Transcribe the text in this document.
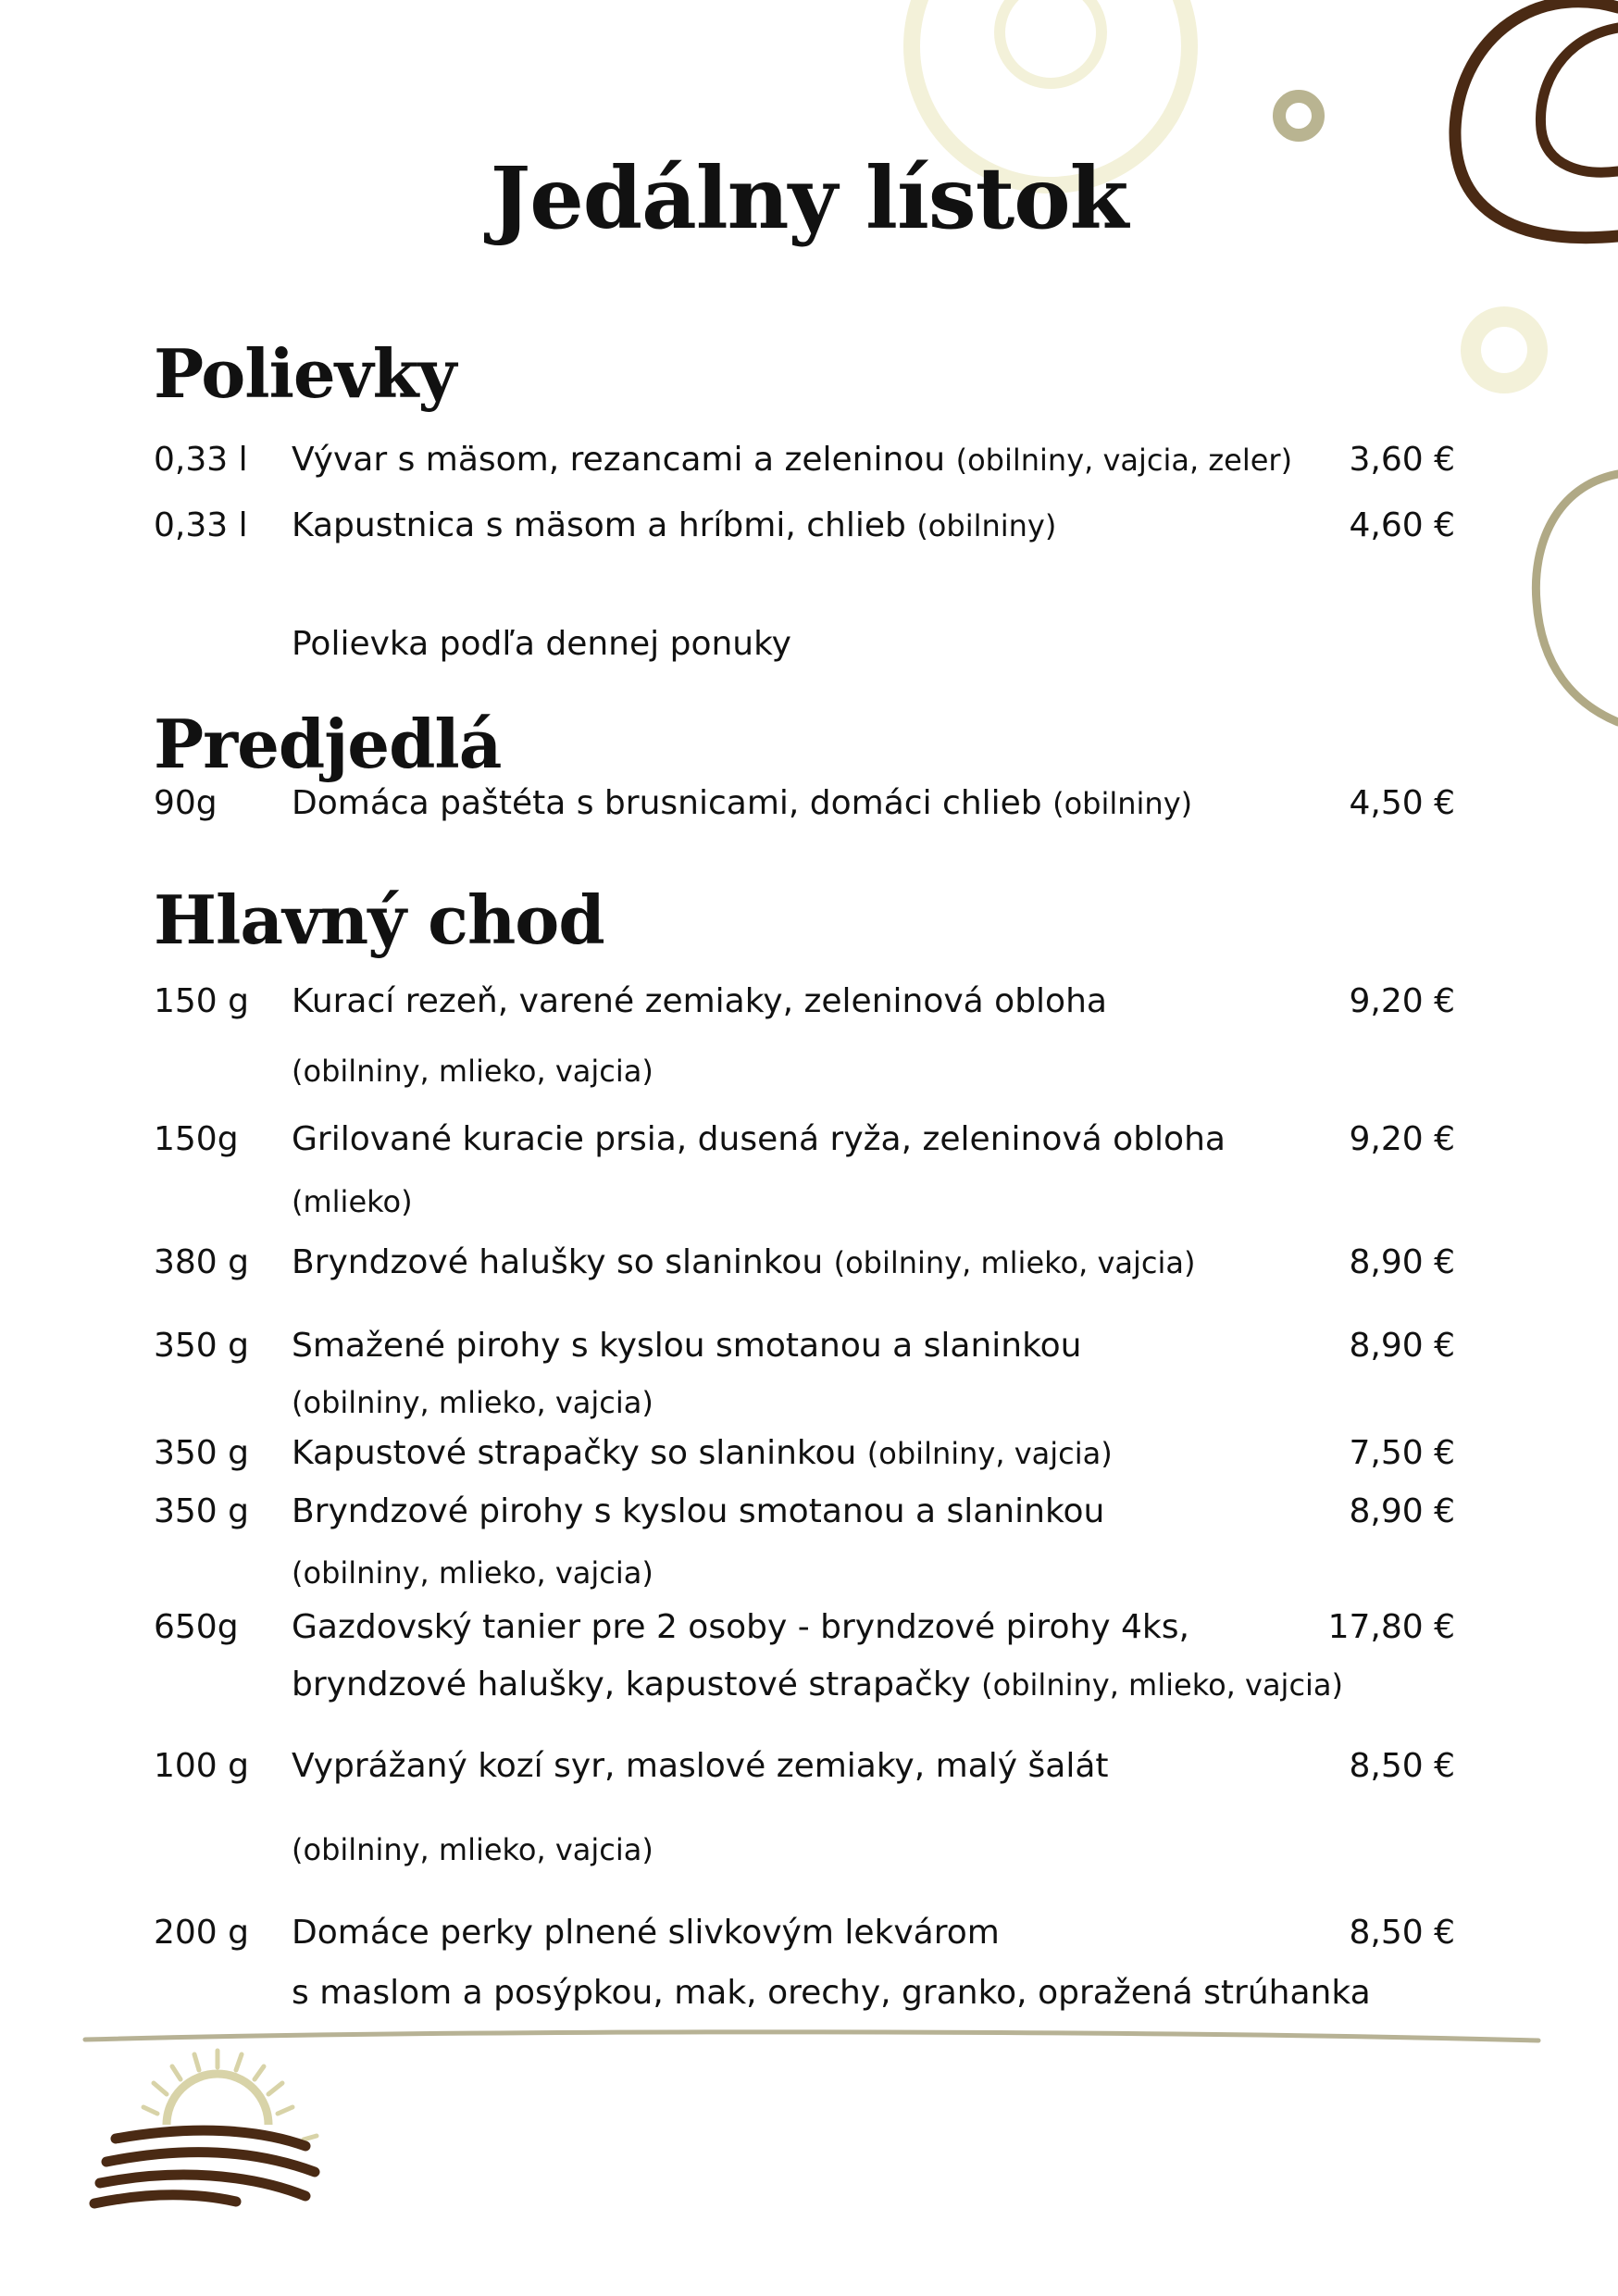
Jedálny lístok
Polievky
0,33 l Vývar s mäsom, rezancami a zeleninou (obilniny, vajcia, zeler) 3,60 €
0,33 l Kapustnica s mäsom a hríbmi, chlieb (obilniny)	4,60 €
Polievka podľa dennej ponuky
Predjedlá
90g Domáca paštéta s brusnicami, domáci chlieb (obilniny)	4,50 €
Hlavný chod
150 g Kurací rezeň, varené zemiaky, zeleninová obloha	9,20 €
(obilniny, mlieko, vajcia)
150g Grilované kuracie prsia, dusená ryža, zeleninová obloha	9,20 €
(mlieko)
380 g Bryndzové halušky so slaninkou (obilniny, mlieko, vajcia)	8,90 €
350 g Smažené pirohy s kyslou smotanou a slaninkou	8,90 €
(obilniny, mlieko, vajcia)
350 g Kapustové strapačky so slaninkou (obilniny, vajcia)	7,50 €
350 g Bryndzové pirohy s kyslou smotanou a slaninkou	8,90 €
(obilniny, mlieko, vajcia)
650g Gazdovský tanier pre 2 osoby - bryndzové pirohy 4ks,	17,80 €
bryndzové halušky, kapustové strapačky (obilniny, mlieko, vajcia)
100 g Vyprážaný kozí syr, maslové zemiaky, malý šalát	8,50 €
(obilniny, mlieko, vajcia)
200 g Domáce perky plnené slivkovým lekvárom	8,50 €
s maslom a posýpkou, mak, orechy, granko, opražená strúhanka
